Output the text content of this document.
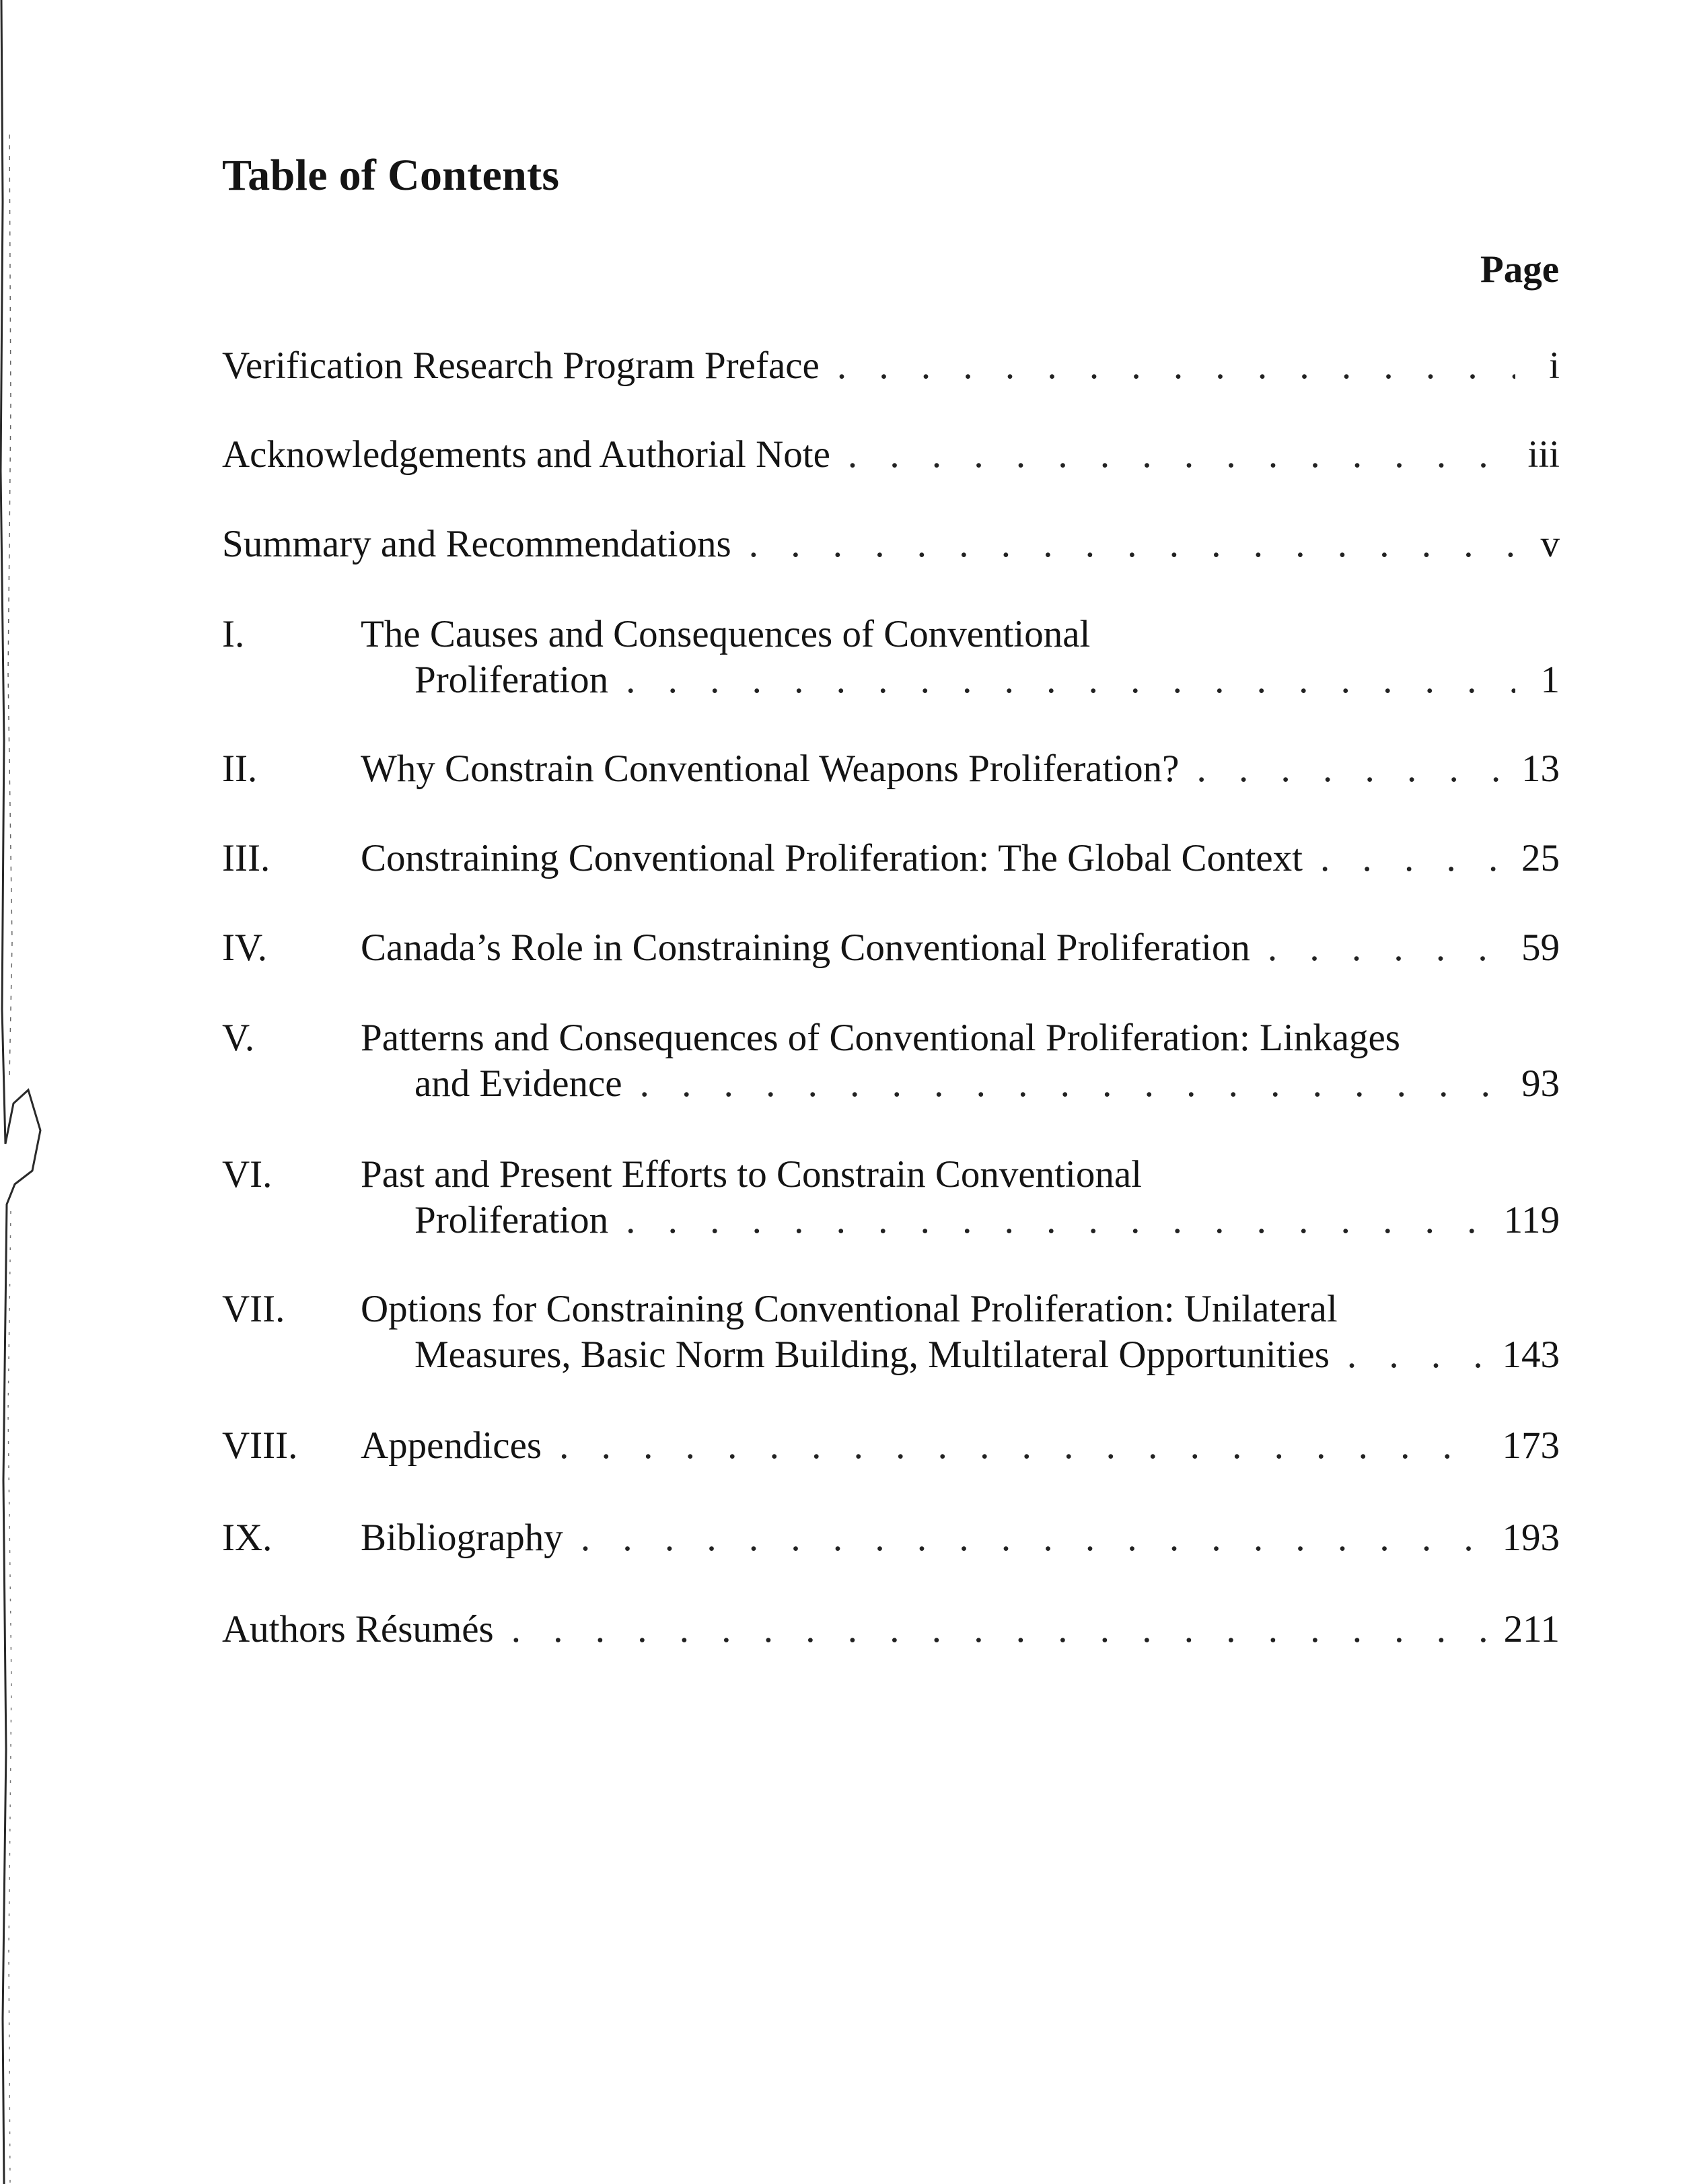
Table of Contents
Page
Verification Research Program Preface . . .	i
Acknowledgements and Authorial Note . . .	iii
Summary and Recommendations . . .	v
I.	The Causes and Consequences of Conventional
Proliferation . . .	1
II.	Why Constrain Conventional Weapons Proliferation? . . .	13
III.	Constraining Conventional Proliferation: The Global Context . . .	25
IV.	Canada’s Role in Constraining Conventional Proliferation . . .	59
V.	Patterns and Consequences of Conventional Proliferation: Linkages
and Evidence . . .	93
VI.	Past and Present Efforts to Constrain Conventional
Proliferation . . .	119
VII.	Options for Constraining Conventional Proliferation: Unilateral
Measures, Basic Norm Building, Multilateral Opportunities . . .	143
VIII.	Appendices . . .	173
IX.	Bibliography . . .	193
Authors Résumés . . .	211
